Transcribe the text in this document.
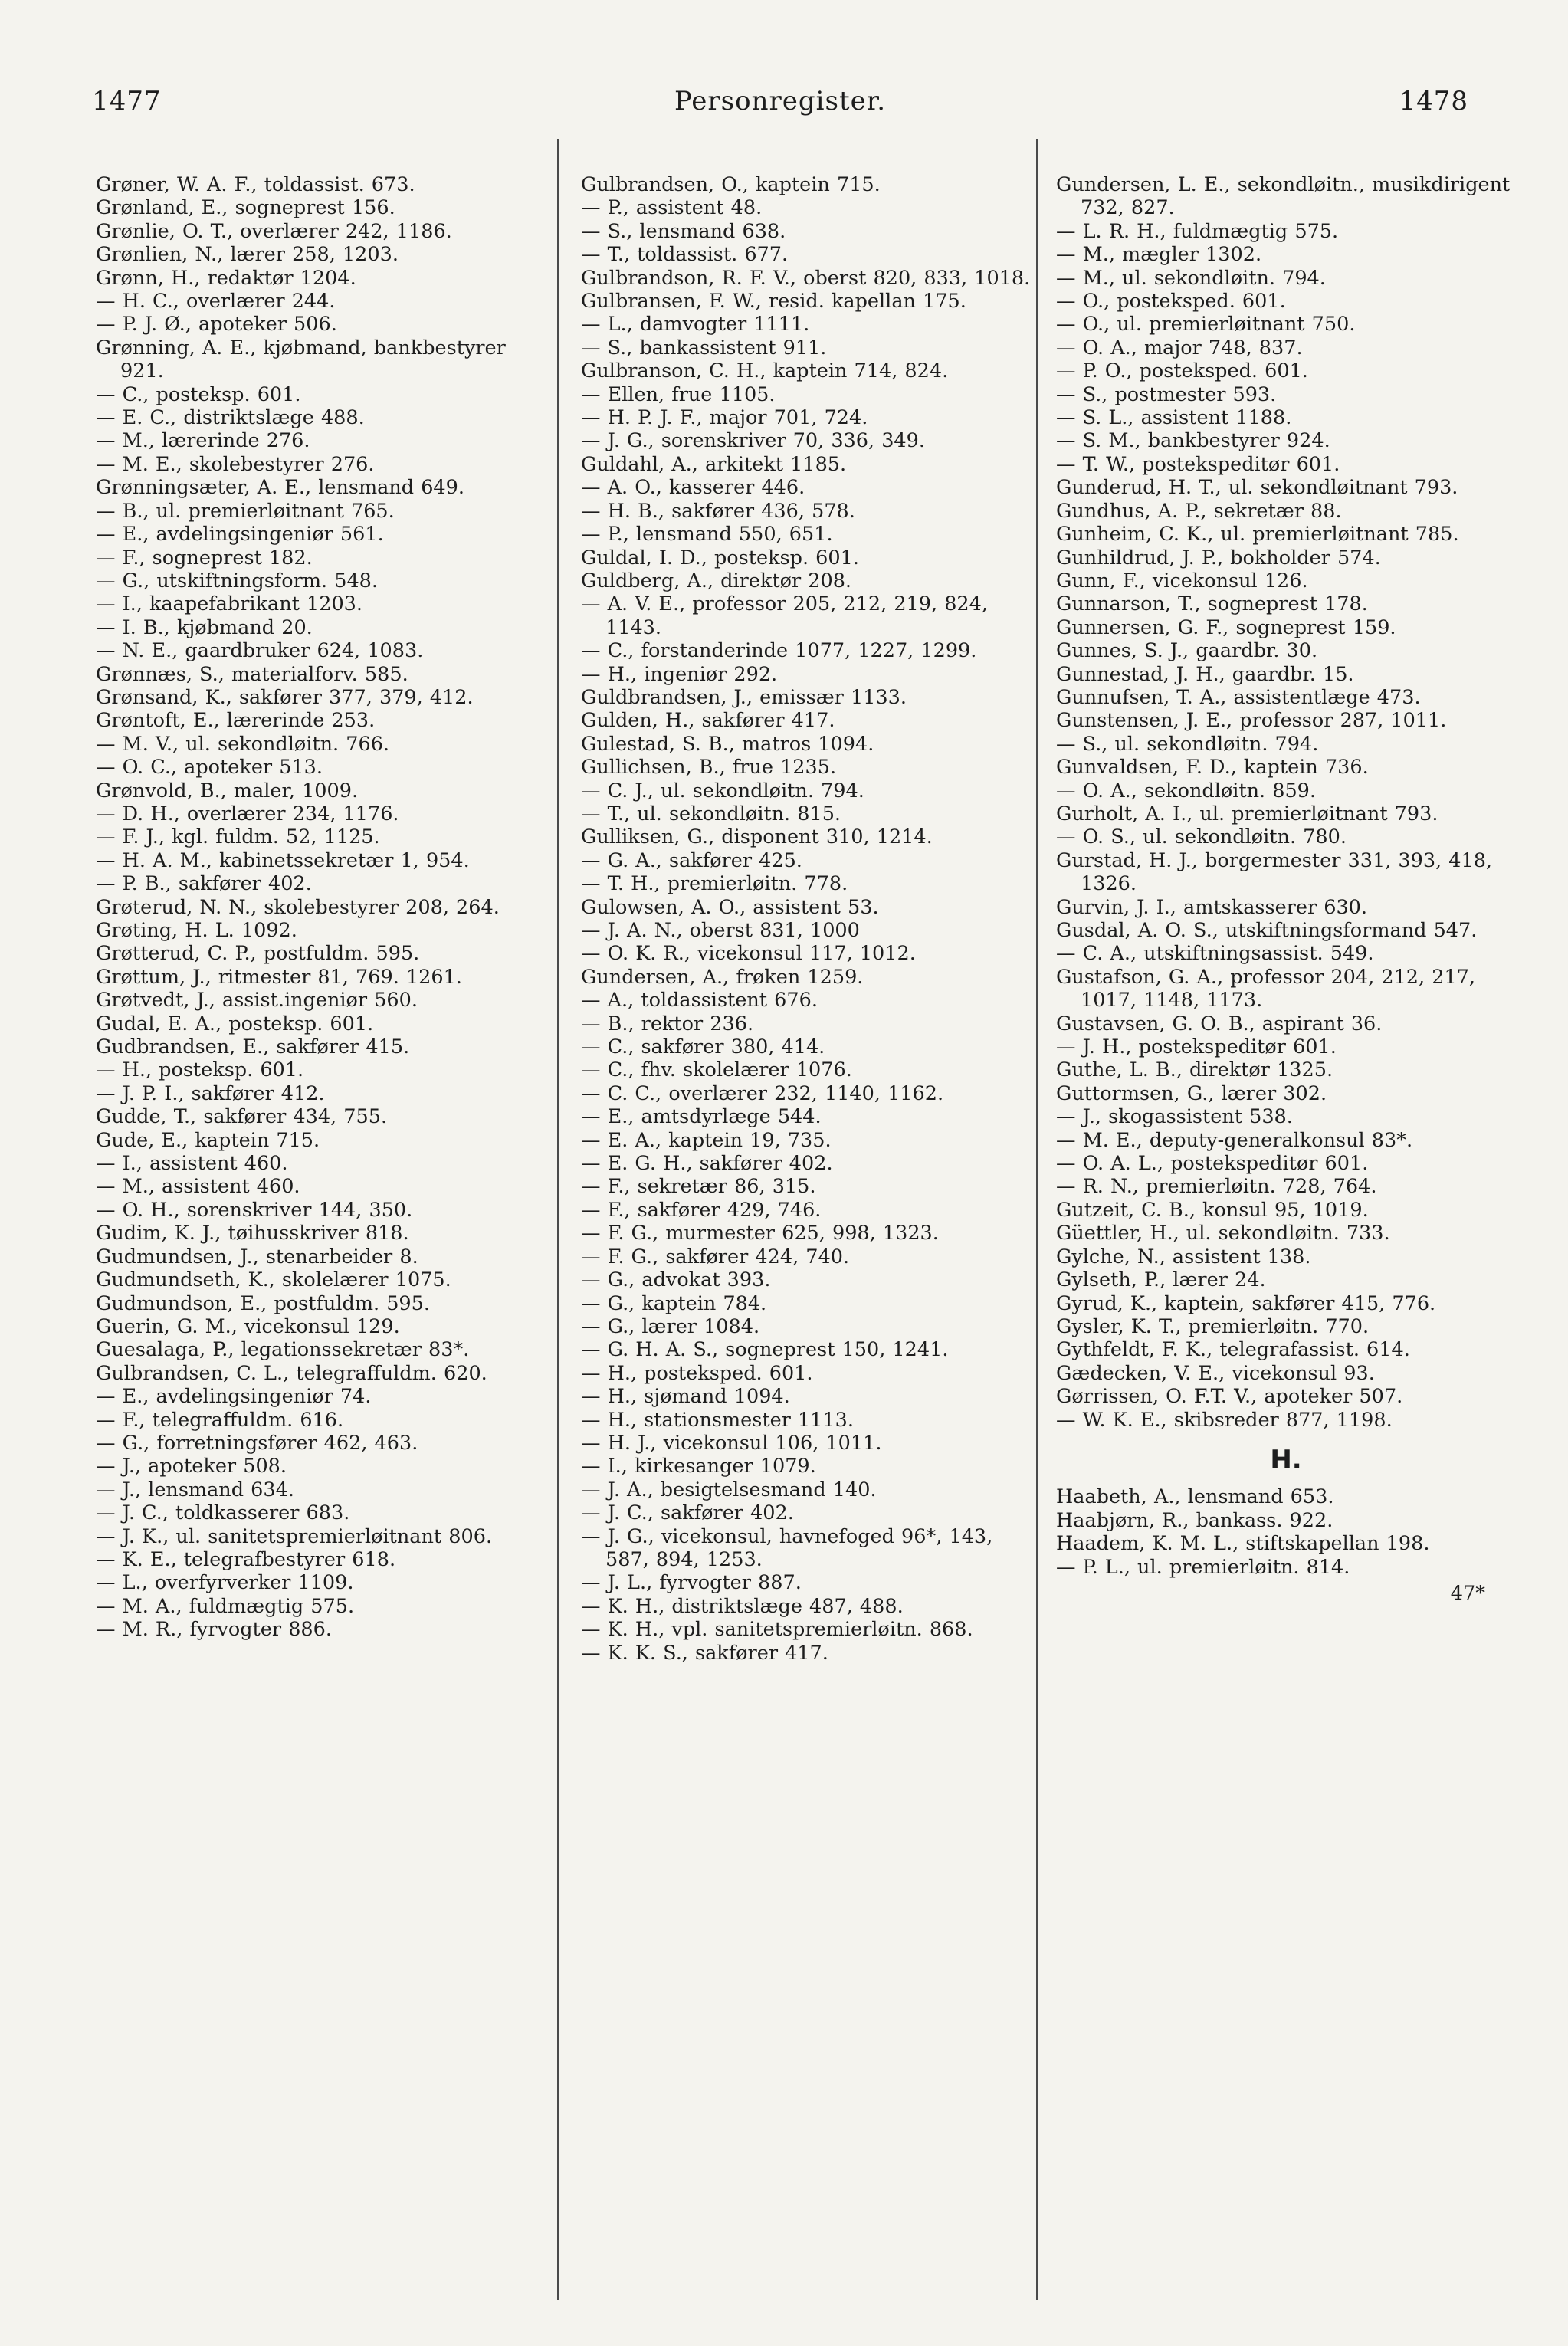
1477	Personregister.	1478
Grøner, W. A. F., toldassist. 673.
Grønland, E., sogneprest 156.
Grønlie, O. T., overlærer 242, 1186.
Grønlien, N., lærer 258, 1203.
Grønn, H., redaktør 1204.
— H. C., overlærer 244.
— P. J. Ø., apoteker 506.
Grønning, A. E., kjøbmand, bankbestyrer 921.
— C., posteksp. 601.
— E. C., distriktslæge 488.
— M., lærerinde 276.
— M. E., skolebestyrer 276.
Grønningsæter, A. E., lensmand 649.
— B., ul. premierløitnant 765.
— E., avdelingsingeniør 561.
— F., sogneprest 182.
— G., utskiftningsform. 548.
— I., kaapefabrikant 1203.
— I. B., kjøbmand 20.
— N. E., gaardbruker 624, 1083.
Grønnæs, S., materialforv. 585.
Grønsand, K., sakfører 377, 379, 412.
Grøntoft, E., lærerinde 253.
— M. V., ul. sekondløitn. 766.
— O. C., apoteker 513.
Grønvold, B., maler, 1009.
— D. H., overlærer 234, 1176.
— F. J., kgl. fuldm. 52, 1125.
— H. A. M., kabinetssekretær 1, 954.
— P. B., sakfører 402.
Grøterud, N. N., skolebestyrer 208, 264.
Grøting, H. L. 1092.
Grøtterud, C. P., postfuldm. 595.
Grøttum, J., ritmester 81, 769. 1261.
Grøtvedt, J., assist.ingeniør 560.
Gudal, E. A., posteksp. 601.
Gudbrandsen, E., sakfører 415.
— H., posteksp. 601.
— J. P. I., sakfører 412.
Gudde, T., sakfører 434, 755.
Gude, E., kaptein 715.
— I., assistent 460.
— M., assistent 460.
— O. H., sorenskriver 144, 350.
Gudim, K. J., tøihusskriver 818.
Gudmundsen, J., stenarbeider 8.
Gudmundseth, K., skolelærer 1075.
Gudmundson, E., postfuldm. 595.
Guerin, G. M., vicekonsul 129.
Guesalaga, P., legationssekretær 83*.
Gulbrandsen, C. L., telegraffuldm. 620.
— E., avdelingsingeniør 74.
— F., telegraffuldm. 616.
— G., forretningsfører 462, 463.
— J., apoteker 508.
— J., lensmand 634.
— J. C., toldkasserer 683.
— J. K., ul. sanitetspremierløitnant 806.
— K. E., telegrafbestyrer 618.
— L., overfyrverker 1109.
— M. A., fuldmægtig 575.
— M. R., fyrvogter 886.
Gulbrandsen, O., kaptein 715.
— P., assistent 48.
— S., lensmand 638.
— T., toldassist. 677.
Gulbrandson, R. F. V., oberst 820, 833, 1018.
Gulbransen, F. W., resid. kapellan 175.
— L., damvogter 1111.
— S., bankassistent 911.
Gulbranson, C. H., kaptein 714, 824.
— Ellen, frue 1105.
— H. P. J. F., major 701, 724.
— J. G., sorenskriver 70, 336, 349.
Guldahl, A., arkitekt 1185.
— A. O., kasserer 446.
— H. B., sakfører 436, 578.
— P., lensmand 550, 651.
Guldal, I. D., posteksp. 601.
Guldberg, A., direktør 208.
— A. V. E., professor 205, 212, 219, 824, 1143.
— C., forstanderinde 1077, 1227, 1299.
— H., ingeniør 292.
Guldbrandsen, J., emissær 1133.
Gulden, H., sakfører 417.
Gulestad, S. B., matros 1094.
Gullichsen, B., frue 1235.
— C. J., ul. sekondløitn. 794.
— T., ul. sekondløitn. 815.
Gulliksen, G., disponent 310, 1214.
— G. A., sakfører 425.
— T. H., premierløitn. 778.
Gulowsen, A. O., assistent 53.
— J. A. N., oberst 831, 1000
— O. K. R., vicekonsul 117, 1012.
Gundersen, A., frøken 1259.
— A., toldassistent 676.
— B., rektor 236.
— C., sakfører 380, 414.
— C., fhv. skolelærer 1076.
— C. C., overlærer 232, 1140, 1162.
— E., amtsdyrlæge 544.
— E. A., kaptein 19, 735.
— E. G. H., sakfører 402.
— F., sekretær 86, 315.
— F., sakfører 429, 746.
— F. G., murmester 625, 998, 1323.
— F. G., sakfører 424, 740.
— G., advokat 393.
— G., kaptein 784.
— G., lærer 1084.
— G. H. A. S., sogneprest 150, 1241.
— H., posteksped. 601.
— H., sjømand 1094.
— H., stationsmester 1113.
— H. J., vicekonsul 106, 1011.
— I., kirkesanger 1079.
— J. A., besigtelsesmand 140.
— J. C., sakfører 402.
— J. G., vicekonsul, havnefoged 96*, 143, 587, 894, 1253.
— J. L., fyrvogter 887.
— K. H., distriktslæge 487, 488.
— K. H., vpl. sanitetspremierløitn. 868.
— K. K. S., sakfører 417.
Gundersen, L. E., sekondløitn., musikdirigent 732, 827.
— L. R. H., fuldmægtig 575.
— M., mægler 1302.
— M., ul. sekondløitn. 794.
— O., posteksped. 601.
— O., ul. premierløitnant 750.
— O. A., major 748, 837.
— P. O., posteksped. 601.
— S., postmester 593.
— S. L., assistent 1188.
— S. M., bankbestyrer 924.
— T. W., postekspeditør 601.
Gunderud, H. T., ul. sekondløitnant 793.
Gundhus, A. P., sekretær 88.
Gunheim, C. K., ul. premierløitnant 785.
Gunhildrud, J. P., bokholder 574.
Gunn, F., vicekonsul 126.
Gunnarson, T., sogneprest 178.
Gunnersen, G. F., sogneprest 159.
Gunnes, S. J., gaardbr. 30.
Gunnestad, J. H., gaardbr. 15.
Gunnufsen, T. A., assistentlæge 473.
Gunstensen, J. E., professor 287, 1011.
— S., ul. sekondløitn. 794.
Gunvaldsen, F. D., kaptein 736.
— O. A., sekondløitn. 859.
Gurholt, A. I., ul. premierløitnant 793.
— O. S., ul. sekondløitn. 780.
Gurstad, H. J., borgermester 331, 393, 418, 1326.
Gurvin, J. I., amtskasserer 630.
Gusdal, A. O. S., utskiftningsformand 547.
— C. A., utskiftningsassist. 549.
Gustafson, G. A., professor 204, 212, 217, 1017, 1148, 1173.
Gustavsen, G. O. B., aspirant 36.
— J. H., postekspeditør 601.
Guthe, L. B., direktør 1325.
Guttormsen, G., lærer 302.
— J., skogassistent 538.
— M. E., deputy-generalkonsul 83*.
— O. A. L., postekspeditør 601.
— R. N., premierløitn. 728, 764.
Gutzeit, C. B., konsul 95, 1019.
Güettler, H., ul. sekondløitn. 733.
Gylche, N., assistent 138.
Gylseth, P., lærer 24.
Gyrud, K., kaptein, sakfører 415, 776.
Gysler, K. T., premierløitn. 770.
Gythfeldt, F. K., telegrafassist. 614.
Gædecken, V. E., vicekonsul 93.
Gørrissen, O. F.T. V., apoteker 507.
— W. K. E., skibsreder 877, 1198.
H.
Haabeth, A., lensmand 653.
Haabjørn, R., bankass. 922.
Haadem, K. M. L., stiftskapellan 198.
— P. L., ul. premierløitn. 814.
47*
